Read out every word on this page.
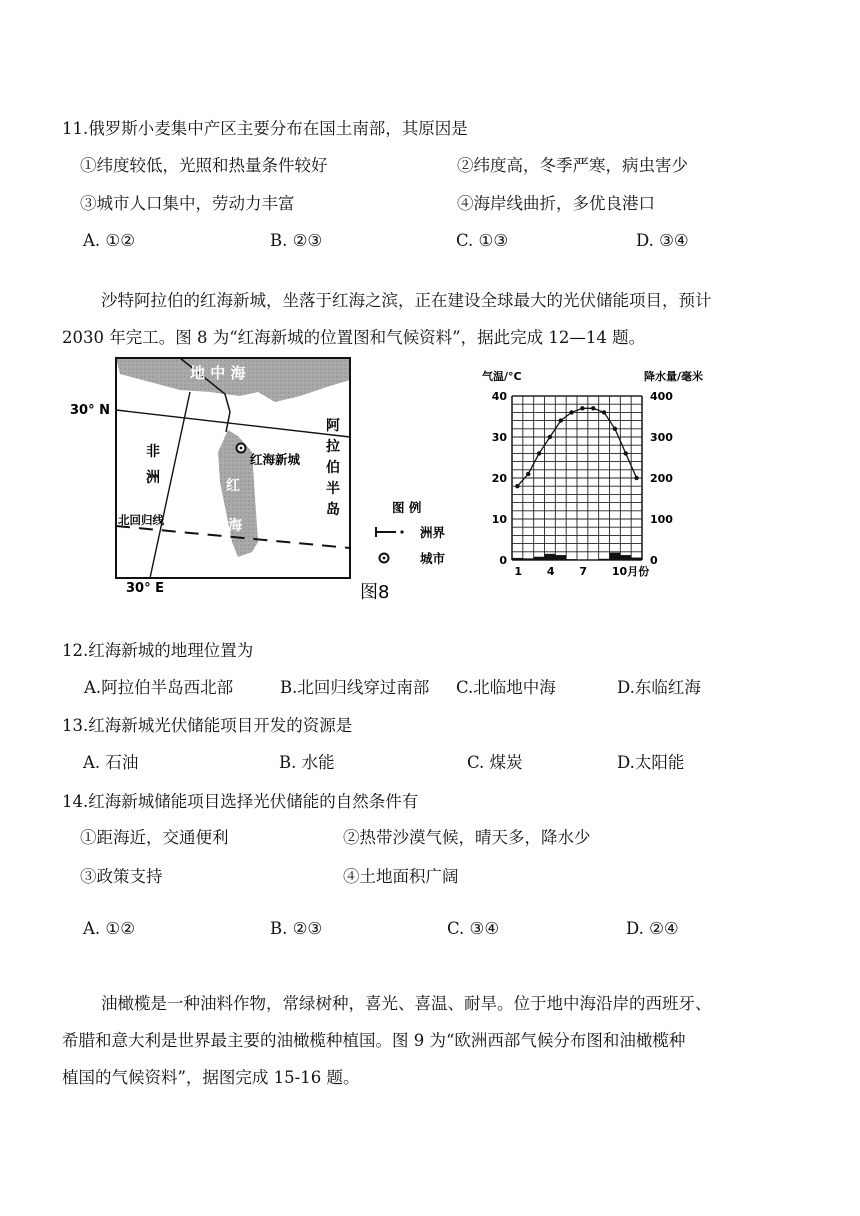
11.俄罗斯小麦集中产区主要分布在国土南部，其原因是
①纬度较低，光照和热量条件较好	②纬度高，冬季严寒，病虫害少
③城市人口集中，劳动力丰富	④海岸线曲折，多优良港口
A. ①②	B. ②③	C. ①③	D. ③④
沙特阿拉伯的红海新城，坐落于红海之滨，正在建设全球最大的光伏储能项目，预计
2030 年完工。图 8 为“红海新城的位置图和气候资料”，据此完成 12—14 题。
地 中 海
30° N
30° E
非
洲
阿
拉
伯
半
岛
红
海
红海新城
北回归线
图 例
洲界
城市
图8
气温/°C	降水量/毫米
40
30
20
10
0
400
300
200
100
0
1 4 7 10月份
12.红海新城的地理位置为
A.阿拉伯半岛西北部	B.北回归线穿过南部 C.北临地中海	D.东临红海
13.红海新城光伏储能项目开发的资源是
A. 石油	B. 水能	C. 煤炭	D.太阳能
14.红海新城储能项目选择光伏储能的自然条件有
①距海近，交通便利	②热带沙漠气候，晴天多，降水少
③政策支持	④土地面积广阔
A. ①②	B. ②③	C. ③④	D. ②④
油橄榄是一种油料作物，常绿树种，喜光、喜温、耐旱。位于地中海沿岸的西班牙、
希腊和意大利是世界最主要的油橄榄种植国。图 9 为“欧洲西部气候分布图和油橄榄种
植国的气候资料”，据图完成 15-16 题。
